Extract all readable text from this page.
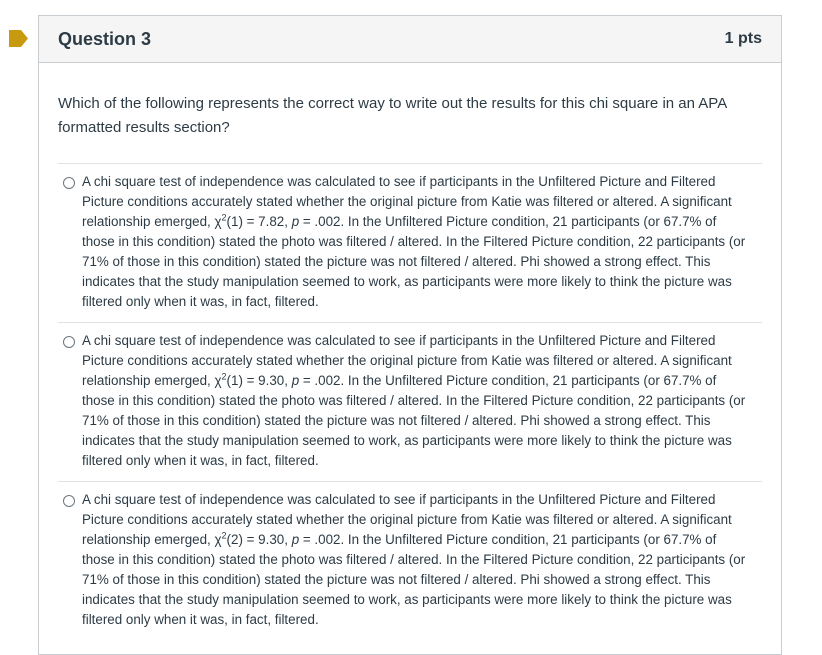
Question 3	1 pts
Which of the following represents the correct way to write out the results for this chi square in an APA formatted results section?
A chi square test of independence was calculated to see if participants in the Unfiltered Picture and Filtered Picture conditions accurately stated whether the original picture from Katie was filtered or altered. A significant relationship emerged, $\chi^2(1) = 7.82$, p = .002. In the Unfiltered Picture condition, 21 participants (or 67.7% of those in this condition) stated the photo was filtered / altered. In the Filtered Picture condition, 22 participants (or 71% of those in this condition) stated the picture was not filtered / altered. Phi showed a strong effect. This indicates that the study manipulation seemed to work, as participants were more likely to think the picture was filtered only when it was, in fact, filtered.
A chi square test of independence was calculated to see if participants in the Unfiltered Picture and Filtered Picture conditions accurately stated whether the original picture from Katie was filtered or altered. A significant relationship emerged, $\chi^2(1) = 9.30$, p = .002. In the Unfiltered Picture condition, 21 participants (or 67.7% of those in this condition) stated the photo was filtered / altered. In the Filtered Picture condition, 22 participants (or 71% of those in this condition) stated the picture was not filtered / altered. Phi showed a strong effect. This indicates that the study manipulation seemed to work, as participants were more likely to think the picture was filtered only when it was, in fact, filtered.
A chi square test of independence was calculated to see if participants in the Unfiltered Picture and Filtered Picture conditions accurately stated whether the original picture from Katie was filtered or altered. A significant relationship emerged, $\chi^2(2) = 9.30$, p = .002. In the Unfiltered Picture condition, 21 participants (or 67.7% of those in this condition) stated the photo was filtered / altered. In the Filtered Picture condition, 22 participants (or 71% of those in this condition) stated the picture was not filtered / altered. Phi showed a strong effect. This indicates that the study manipulation seemed to work, as participants were more likely to think the picture was filtered only when it was, in fact, filtered.
